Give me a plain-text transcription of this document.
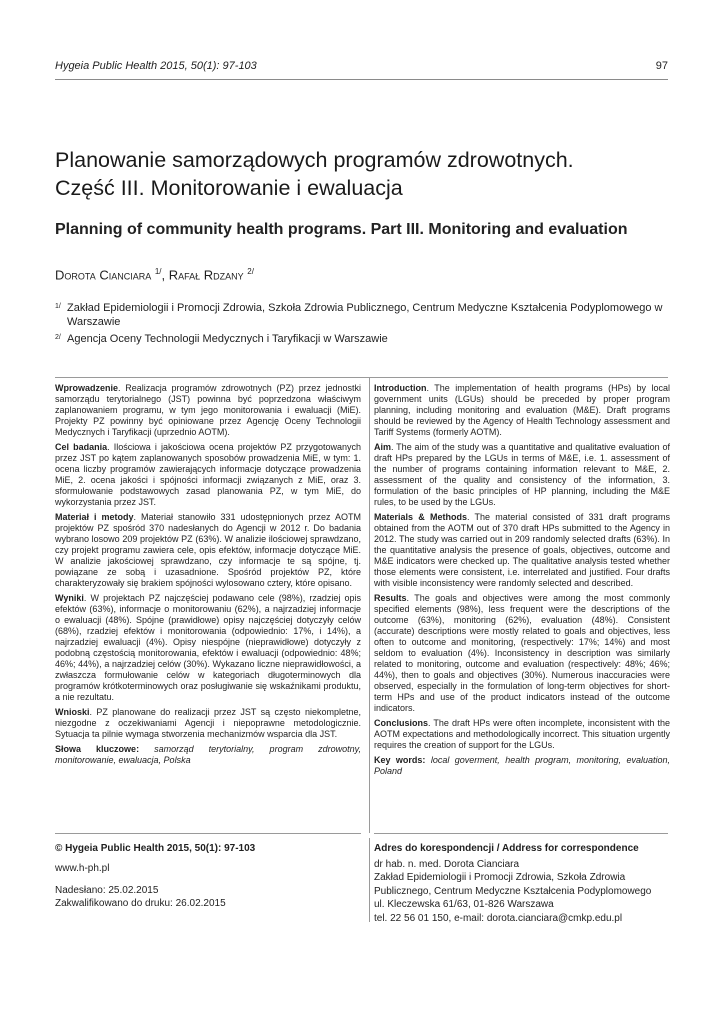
Hygeia Public Health 2015, 50(1): 97-103	97
Planowanie samorządowych programów zdrowotnych.
Część III. Monitorowanie i ewaluacja
Planning of community health programs. Part III. Monitoring and evaluation
Dorota Cianciara $^{1/}$, Rafał Rdzany $^{2/}$
1/ Zakład Epidemiologii i Promocji Zdrowia, Szkoła Zdrowia Publicznego, Centrum Medyczne Kształcenia Podyplomowego w Warszawie
2/ Agencja Oceny Technologii Medycznych i Taryfikacji w Warszawie

Wprowadzenie. Realizacja programów zdrowotnych (PZ) przez jednostki samorządu terytorialnego (JST) powinna być poprzedzona właściwym zaplanowaniem programu, w tym jego monitorowania i ewaluacji (MiE). Projekty PZ powinny być opiniowane przez Agencję Oceny Technologii Medycznych i Taryfikacji (uprzednio AOTM).

Cel badania. Ilościowa i jakościowa ocena projektów PZ przygotowanych przez JST po kątem zaplanowanych sposobów prowadzenia MiE, w tym: 1. ocena liczby programów zawierających informacje dotyczące prowadzenia MiE, 2. ocena jakości i spójności informacji związanych z MiE, oraz 3. sformułowanie podstawowych zasad planowania PZ, w tym MiE, do wykorzystania przez JST.

Materiał i metody. Materiał stanowiło 331 udostępnionych przez AOTM projektów PZ spośród 370 nadesłanych do Agencji w 2012 r. Do badania wybrano losowo 209 projektów PZ (63%). W analizie ilościowej sprawdzano, czy projekt programu zawiera cele, opis efektów, informacje dotyczące MiE. W analizie jakościowej sprawdzano, czy informacje te są spójne, tj. powiązane ze sobą i uzasadnione. Spośród projektów PZ, które charakteryzowały się brakiem spójności wylosowano cztery, które opisano.

Wyniki. W projektach PZ najczęściej podawano cele (98%), rzadziej opis efektów (63%), informacje o monitorowaniu (62%), a najrzadziej informacje o ewaluacji (48%). Spójne (prawidłowe) opisy najczęściej dotyczyły celów (68%), rzadziej efektów i monitorowania (odpowiednio: 17%, i 14%), a najrzadziej ewaluacji (4%). Opisy niespójne (nieprawidłowe) dotyczyły z podobną częstością monitorowania, efektów i ewaluacji (odpowiednio: 48%; 46%; 44%), a najrzadziej celów (30%). Wykazano liczne nieprawidłowości, a zwłaszcza formułowanie celów w kategoriach długoterminowych dla programów krótkoterminowych oraz posługiwanie się wskaźnikami produktu, a nie rezultatu.

Wnioski. PZ planowane do realizacji przez JST są często niekompletne, niezgodne z oczekiwaniami Agencji i niepoprawne metodologicznie. Sytuacja ta pilnie wymaga stworzenia mechanizmów wsparcia dla JST.

Słowa kluczowe: samorząd terytorialny, program zdrowotny, monitorowanie, ewaluacja, Polska

Introduction. The implementation of health programs (HPs) by local government units (LGUs) should be preceded by proper program planning, including monitoring and evaluation (M&E). Draft programs should be reviewed by the Agency of Health Technology assessment and Tariff Systems (formerly AOTM).

Aim. The aim of the study was a quantitative and qualitative evaluation of draft HPs prepared by the LGUs in terms of M&E, i.e. 1. assessment of the number of programs containing information relevant to M&E, 2. assessment of the quality and consistency of the information, 3. formulation of the basic principles of HP planning, including the M&E rules, to be used by the LGUs.

Materials & Methods. The material consisted of 331 draft programs obtained from the AOTM out of 370 draft HPs submitted to the Agency in 2012. The study was carried out in 209 randomly selected drafts (63%). In the quantitative analysis the presence of goals, objectives, outcome and M&E indicators were checked up. The qualitative analysis tested whether those elements were consistent, i.e. interrelated and justified. Four drafts with visible inconsistency were randomly selected and described.

Results. The goals and objectives were among the most commonly specified elements (98%), less frequent were the descriptions of the outcome (63%), monitoring (62%), evaluation (48%). Consistent (accurate) descriptions were mostly related to goals and objectives, less often to outcome and monitoring, (respectively: 17%; 14%) and most seldom to evaluation (4%). Inconsistency in description was similarly related to monitoring, outcome and evaluation (respectively: 48%; 46%; 44%), then to goals and objectives (30%). Numerous inaccuracies were observed, especially in the formulation of long-term objectives for short-term HPs and use of the product indicators instead of the outcome indicators.

Conclusions. The draft HPs were often incomplete, inconsistent with the AOTM expectations and methodologically incorrect. This situation urgently requires the creation of support for the LGUs.

Key words: local goverment, health program, monitoring, evaluation, Poland

© Hygeia Public Health 2015, 50(1): 97-103
www.h-ph.pl
Nadesłano: 25.02.2015
Zakwalifikowano do druku: 26.02.2015
Adres do korespondencji / Address for correspondence
dr hab. n. med. Dorota Cianciara
Zakład Epidemiologii i Promocji Zdrowia, Szkoła Zdrowia
Publicznego, Centrum Medyczne Kształcenia Podyplomowego
ul. Kleczewska 61/63, 01-826 Warszawa
tel. 22 56 01 150, e-mail: dorota.cianciara@cmkp.edu.pl
